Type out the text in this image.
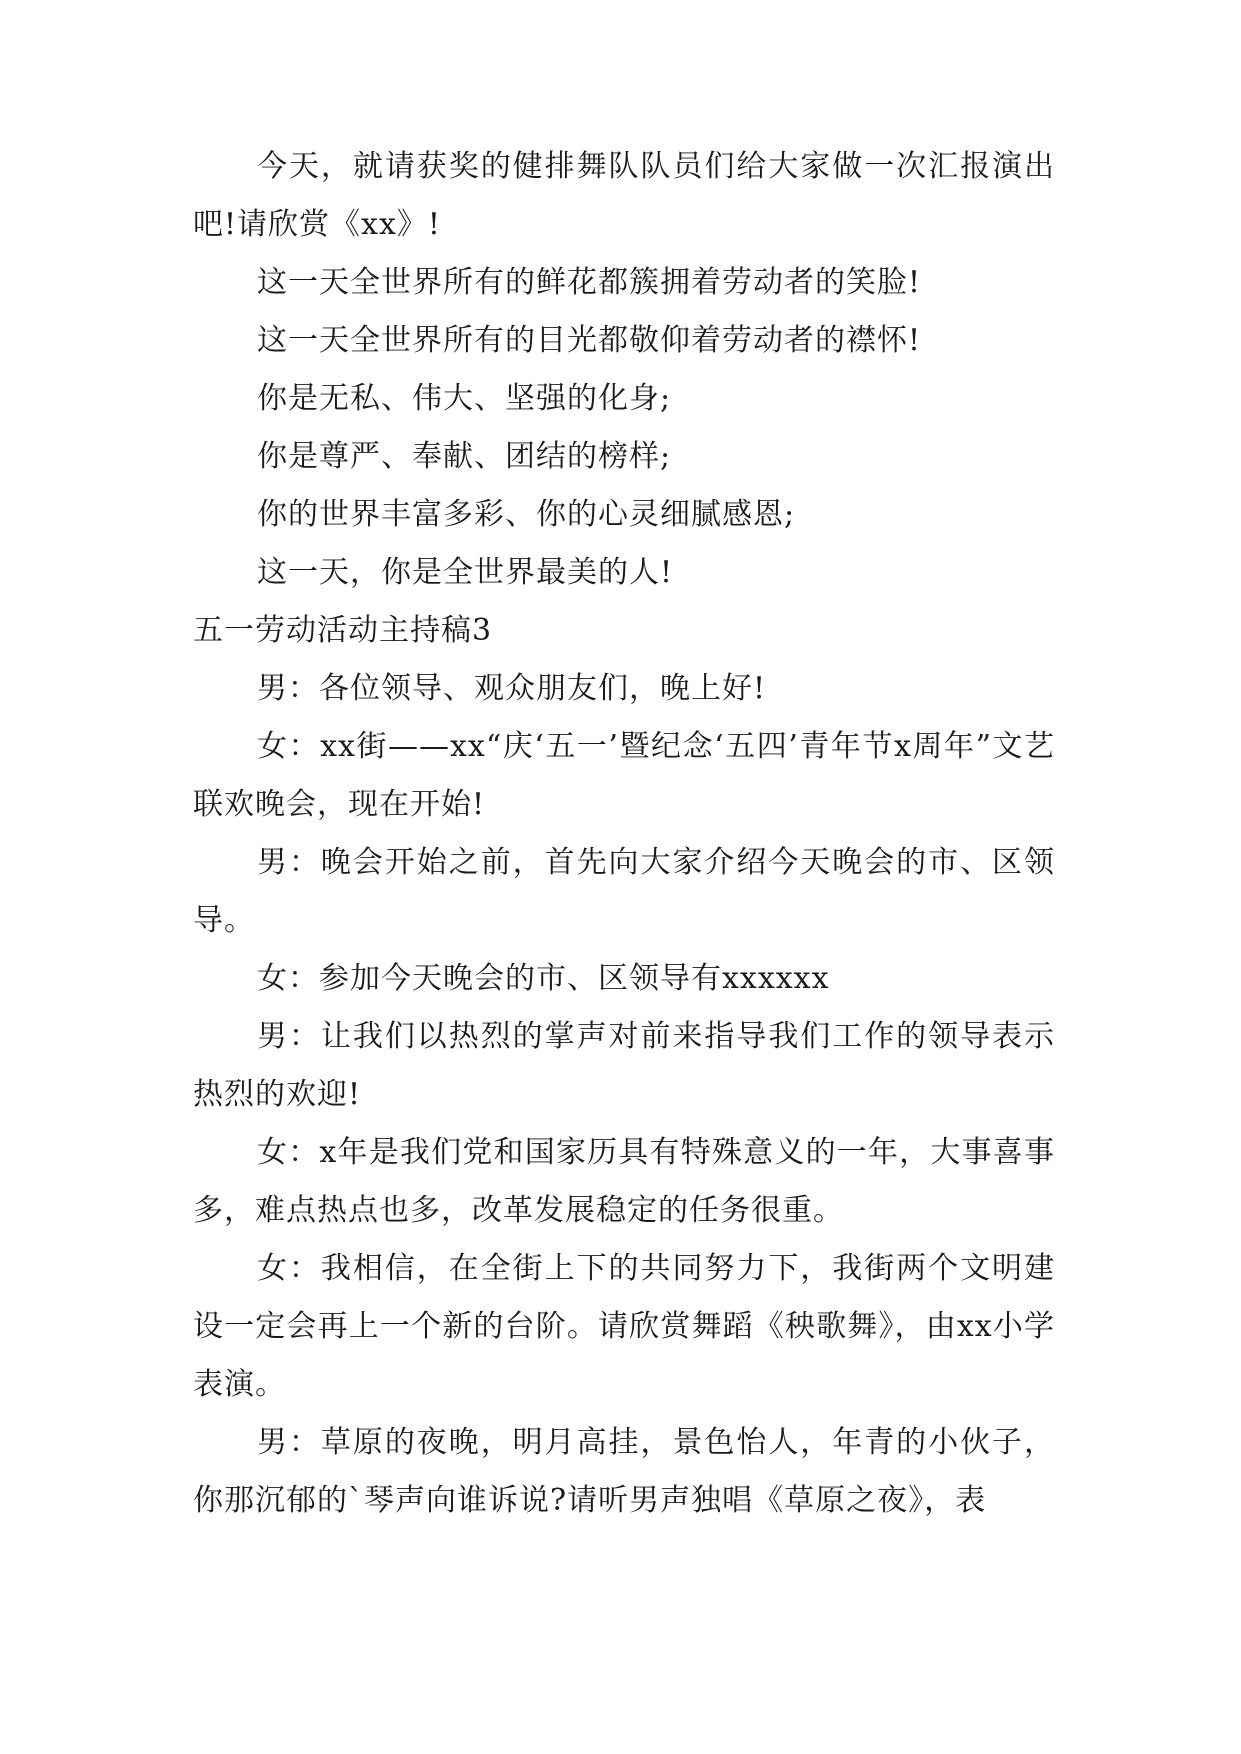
今天，就请获奖的健排舞队队员们给大家做一次汇报演出吧!请欣赏《xx》!

这一天全世界所有的鲜花都簇拥着劳动者的笑脸!

这一天全世界所有的目光都敬仰着劳动者的襟怀!

你是无私、伟大、坚强的化身;

你是尊严、奉献、团结的榜样;

你的世界丰富多彩、你的心灵细腻感恩;

这一天，你是全世界最美的人!

五一劳动活动主持稿3

男：各位领导、观众朋友们，晚上好!

女：xx街——xx“庆‘五一’暨纪念‘五四’青年节x周年”文艺联欢晚会，现在开始!

男：晚会开始之前，首先向大家介绍今天晚会的市、区领导。

女：参加今天晚会的市、区领导有xxxxxx

男：让我们以热烈的掌声对前来指导我们工作的领导表示热烈的欢迎!

女：x年是我们党和国家历具有特殊意义的一年，大事喜事多，难点热点也多，改革发展稳定的任务很重。

女：我相信，在全街上下的共同努力下，我街两个文明建设一定会再上一个新的台阶。请欣赏舞蹈《秧歌舞》，由xx小学表演。

男：草原的夜晚，明月高挂，景色怡人，年青的小伙子，你那沉郁的`琴声向谁诉说?请听男声独唱《草原之夜》，表
